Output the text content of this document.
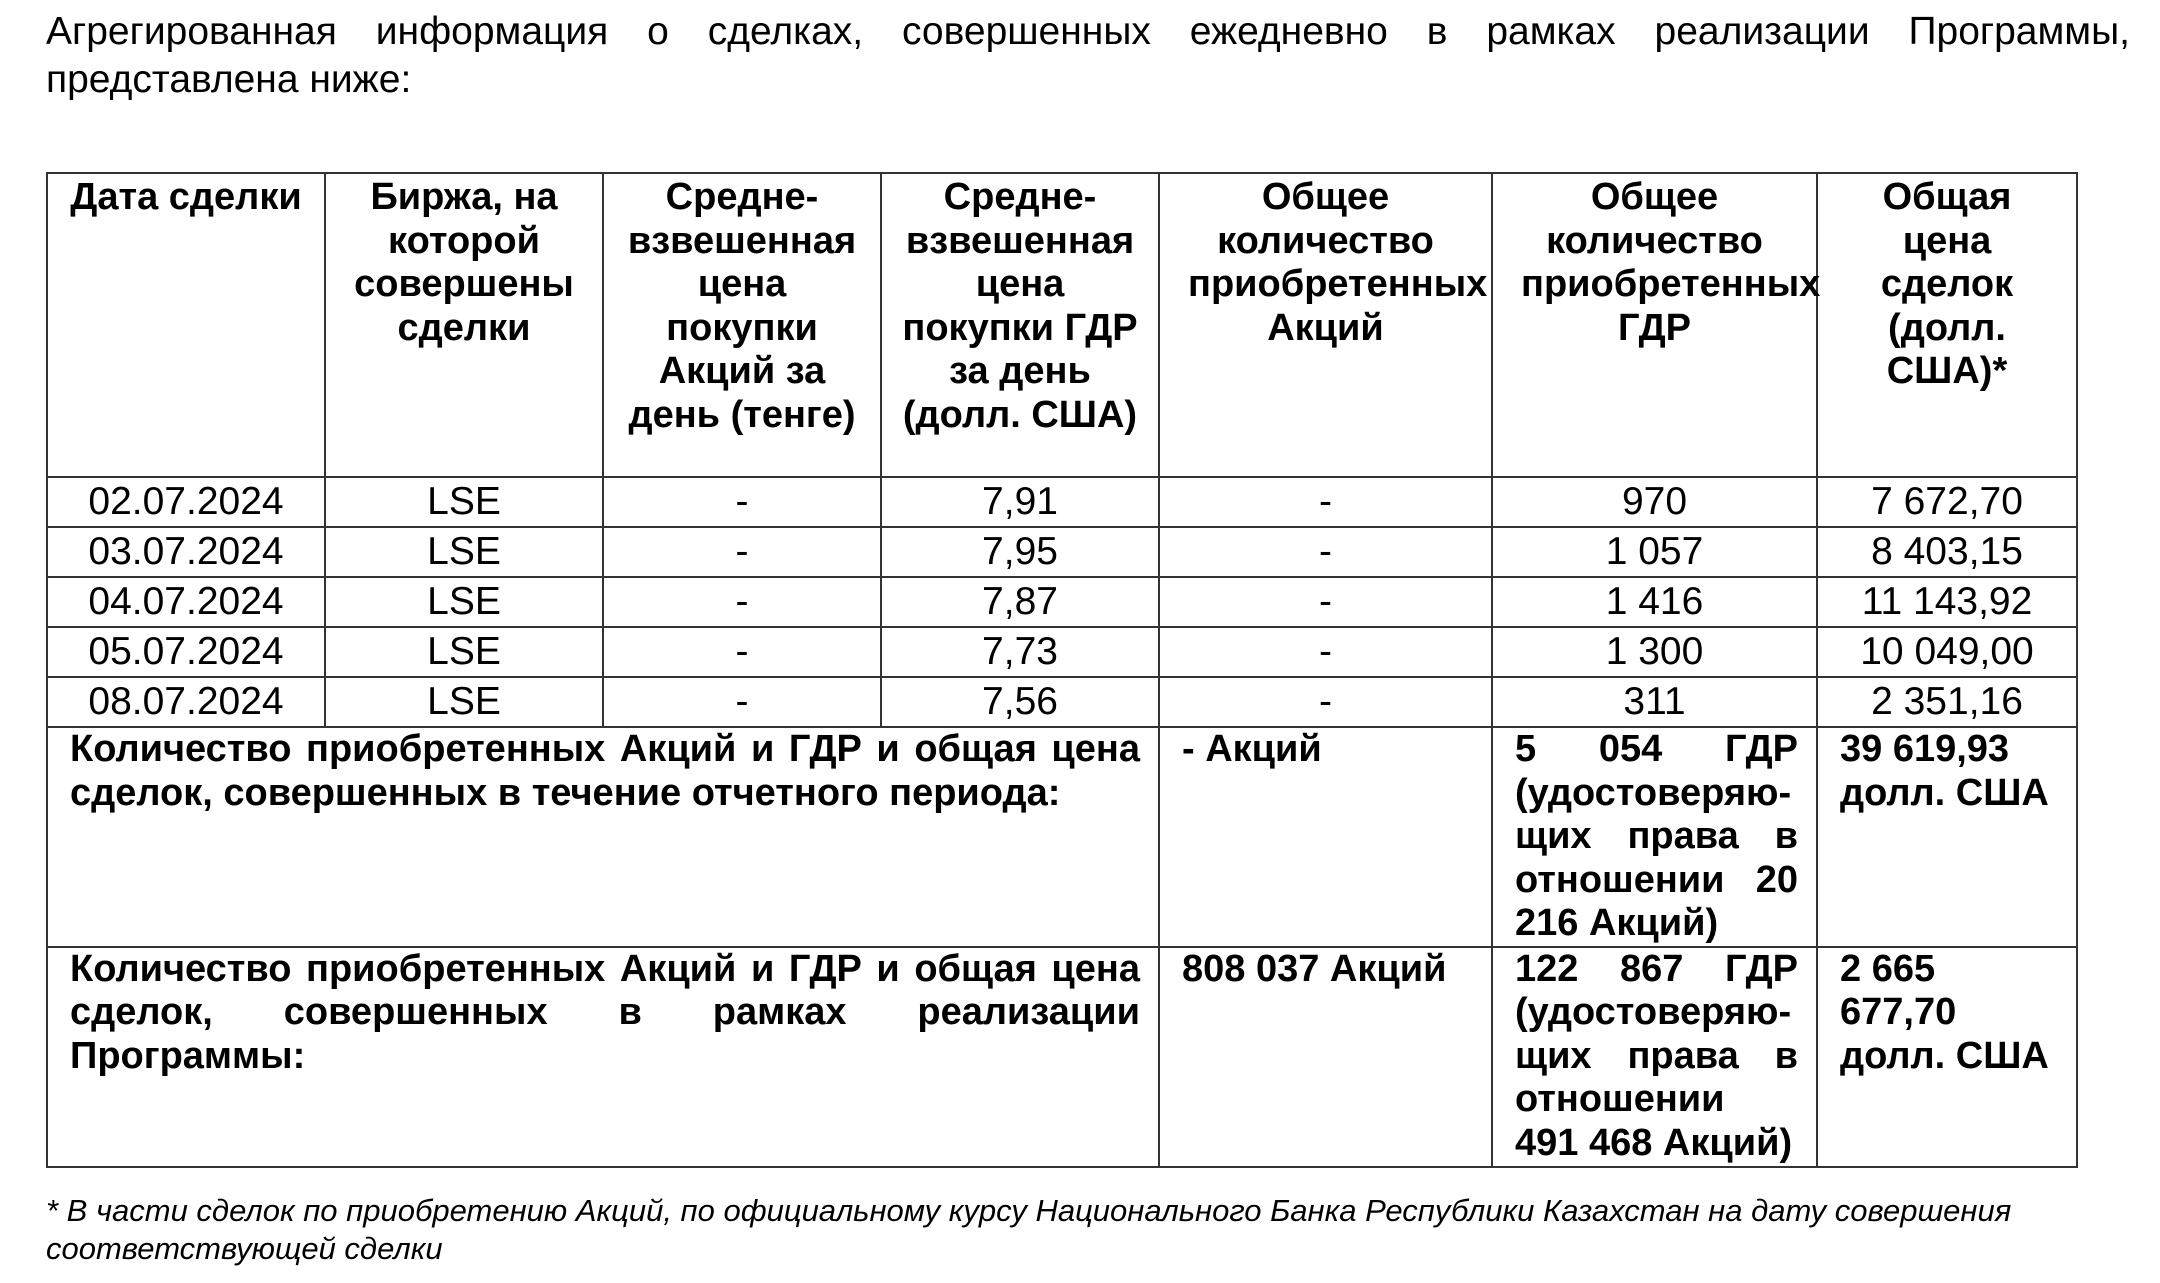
Агрегированная информация о сделках, совершенных ежедневно в рамках реализации Программы, представлена ниже:

Дата сделки	Биржа, на которой совершены сделки	Средне-взвешенная цена покупки Акций за день (тенге)	Средне-взвешенная цена покупки ГДР за день (долл. США)	Общее количество приобретенных Акций	Общее количество приобретенных ГДР	Общая цена сделок (долл. США)*
02.07.2024	LSE	-	7,91	-	970	7 672,70
03.07.2024	LSE	-	7,95	-	1 057	8 403,15
04.07.2024	LSE	-	7,87	-	1 416	11 143,92
05.07.2024	LSE	-	7,73	-	1 300	10 049,00
08.07.2024	LSE	-	7,56	-	311	2 351,16
Количество приобретенных Акций и ГДР и общая цена сделок, совершенных в течение отчетного периода:				- Акций	5 054 ГДР (удостоверяю-щих права в отношении 20 216 Акций)	39 619,93 долл. США
Количество приобретенных Акций и ГДР и общая цена сделок, совершенных в рамках реализации Программы:				808 037 Акций	122 867 ГДР (удостоверяю-щих права в отношении 491 468 Акций)	2 665 677,70 долл. США

* В части сделок по приобретению Акций, по официальному курсу Национального Банка Республики Казахстан на дату совершения соответствующей сделки
